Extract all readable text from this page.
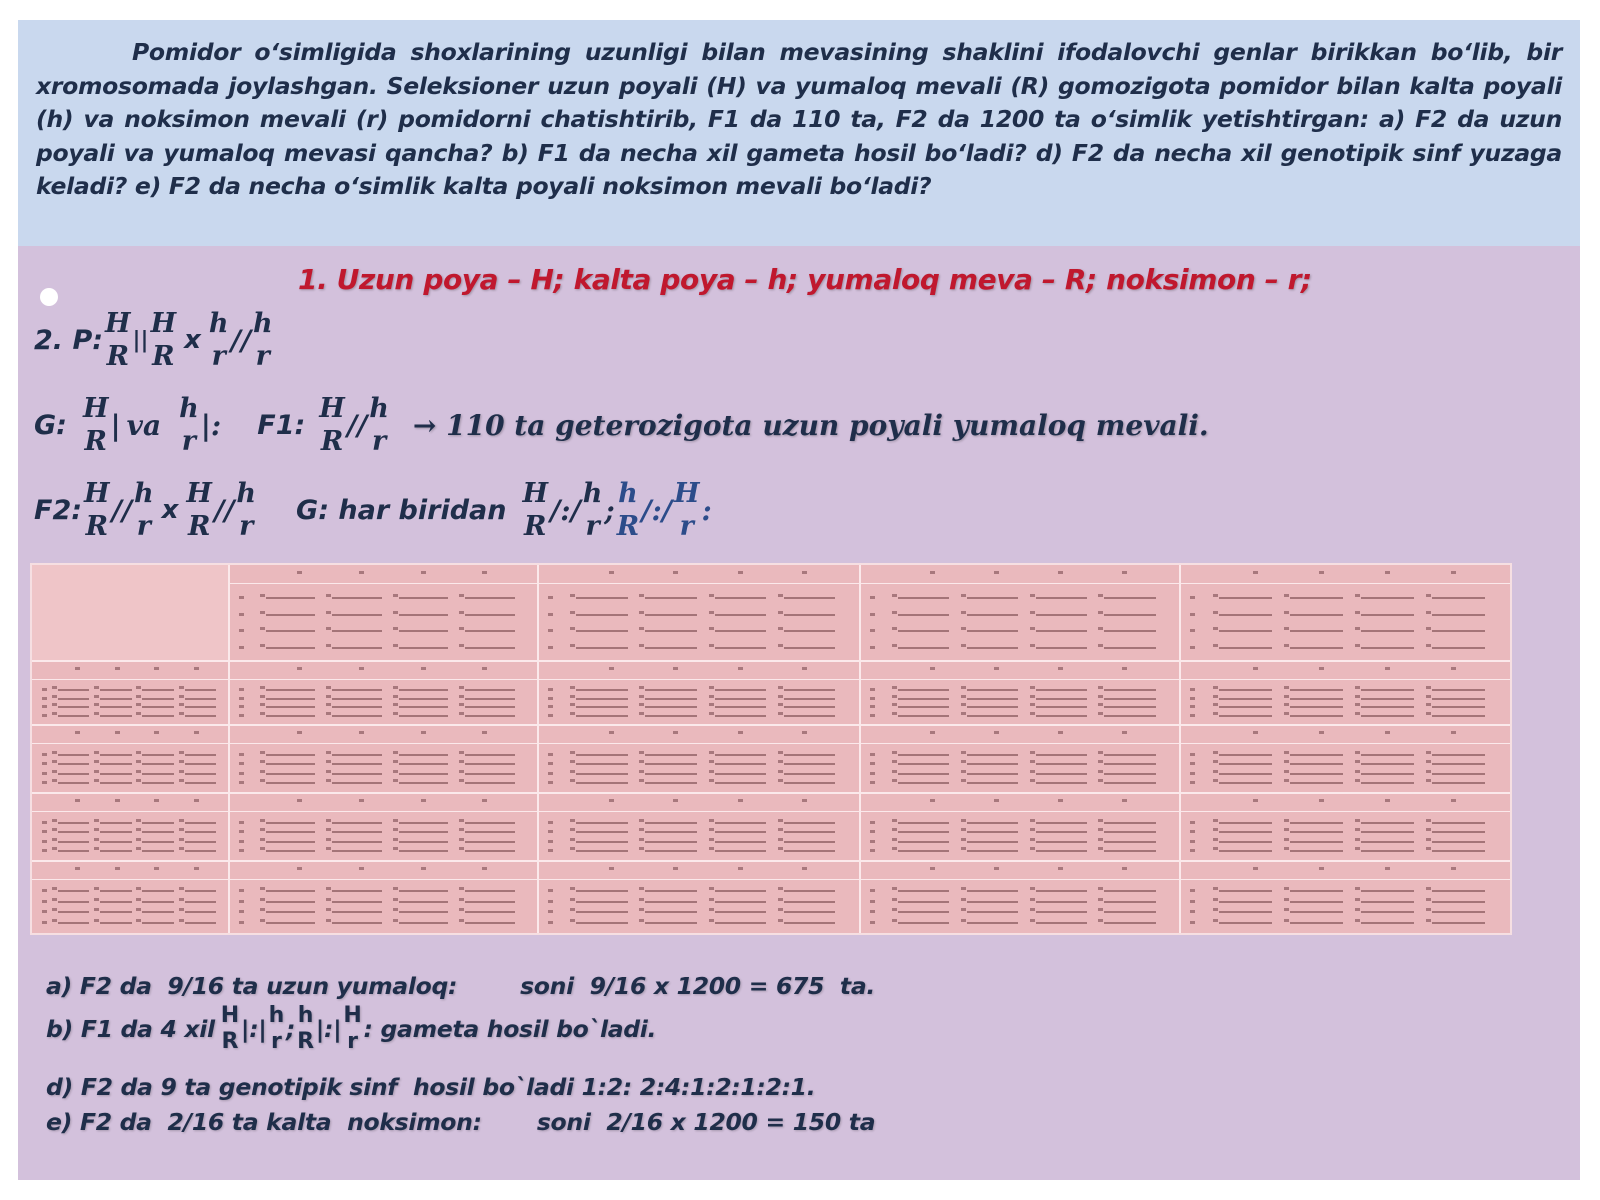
Pomidor o‘simligida shoxlarining uzunligi bilan mevasining shaklini ifodalovchi genlar birikkan bo‘lib, bir xromosomada joylashgan. Seleksioner uzun poyali (H) va yumaloq mevali (R) gomozigota pomidor bilan kalta poyali (h) va noksimon mevali (r) pomidorni chatishtirib, F1 da 110 ta, F2 da 1200 ta o‘simlik yetishtirgan: a) F2 da uzun poyali va yumaloq mevasi qancha? b) F1 da necha xil gameta hosil bo‘ladi? d) F2 da necha xil genotipik sinf yuzaga keladi? e) F2 da necha o‘simlik kalta poyali noksimon mevali bo‘ladi?

1. Uzun poya – H; kalta poya – h; yumaloq meva – R; noksimon – r;
2. P:
H
R
||
H
R
x
h
r // h
r
G:
H
R | va h
r |: F1:
H
R // h
r → 110 ta geterozigota uzun poyali yumaloq mevali.
F2:
H
R // h
r
x
H
R // h
r
G: har biridan
H
R /:/ h
r ; h
R /:/ H
r :
a) F2 da  9/16 ta uzun yumaloq:        soni  9/16 x 1200 = 675  ta.
b) F1 da 4 xil H
R |:| h
r ; h
R |:| H
r : gameta hosil bo`ladi.
d) F2 da 9 ta genotipik sinf  hosil bo`ladi 1:2: 2:4:1:2:1:2:1.
e) F2 da  2/16 ta kalta  noksimon:       soni  2/16 x 1200 = 150 ta
